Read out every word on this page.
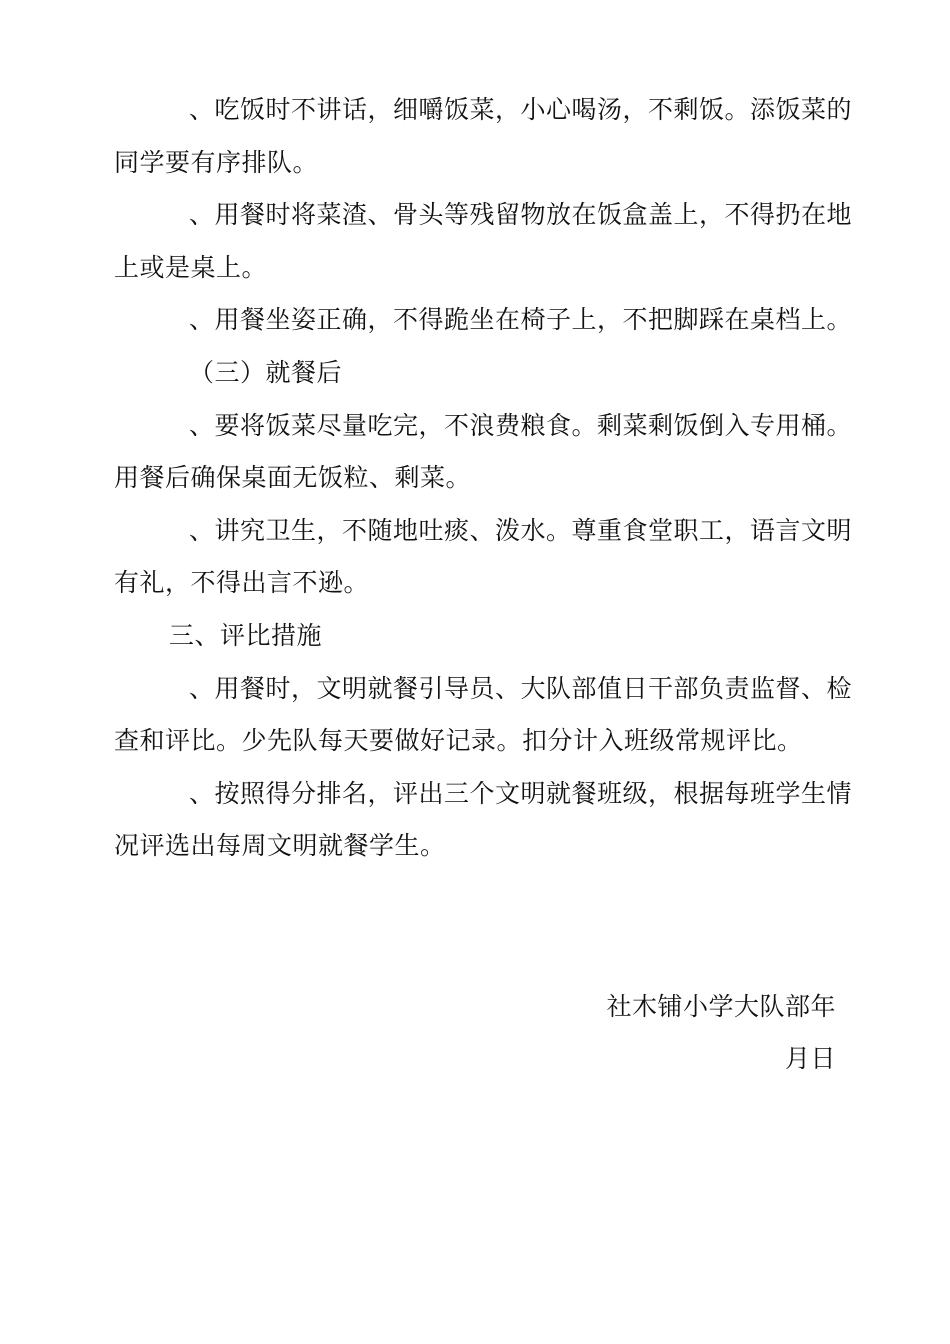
、吃饭时不讲话，细嚼饭菜，小心喝汤，不剩饭。添饭菜的同学要有序排队。

、用餐时将菜渣、骨头等残留物放在饭盒盖上，不得扔在地上或是桌上。

、用餐坐姿正确，不得跪坐在椅子上，不把脚踩在桌档上。

（三）就餐后

、要将饭菜尽量吃完，不浪费粮食。剩菜剩饭倒入专用桶。用餐后确保桌面无饭粒、剩菜。

、讲究卫生，不随地吐痰、泼水。尊重食堂职工，语言文明有礼，不得出言不逊。

三、评比措施

、用餐时，文明就餐引导员、大队部值日干部负责监督、检查和评比。少先队每天要做好记录。扣分计入班级常规评比。

、按照得分排名，评出三个文明就餐班级，根据每班学生情况评选出每周文明就餐学生。

社木铺小学大队部年
月日
